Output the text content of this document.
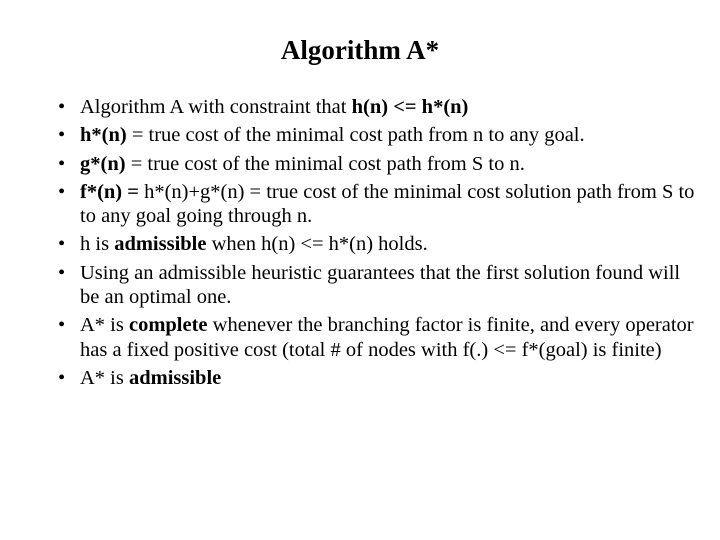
Algorithm A*
• Algorithm A with constraint that h(n) <= h*(n)
• h*(n) = true cost of the minimal cost path from n to any goal.
• g*(n) = true cost of the minimal cost path from S to n.
• f*(n) = h*(n)+g*(n) = true cost of the minimal cost solution path from S to to any goal going through n.
• h is admissible when h(n) <= h*(n) holds.
• Using an admissible heuristic guarantees that the first solution found will be an optimal one.
• A* is complete whenever the branching factor is finite, and every operator has a fixed positive cost (total # of nodes with f(.) <= f*(goal) is finite)
• A* is admissible
